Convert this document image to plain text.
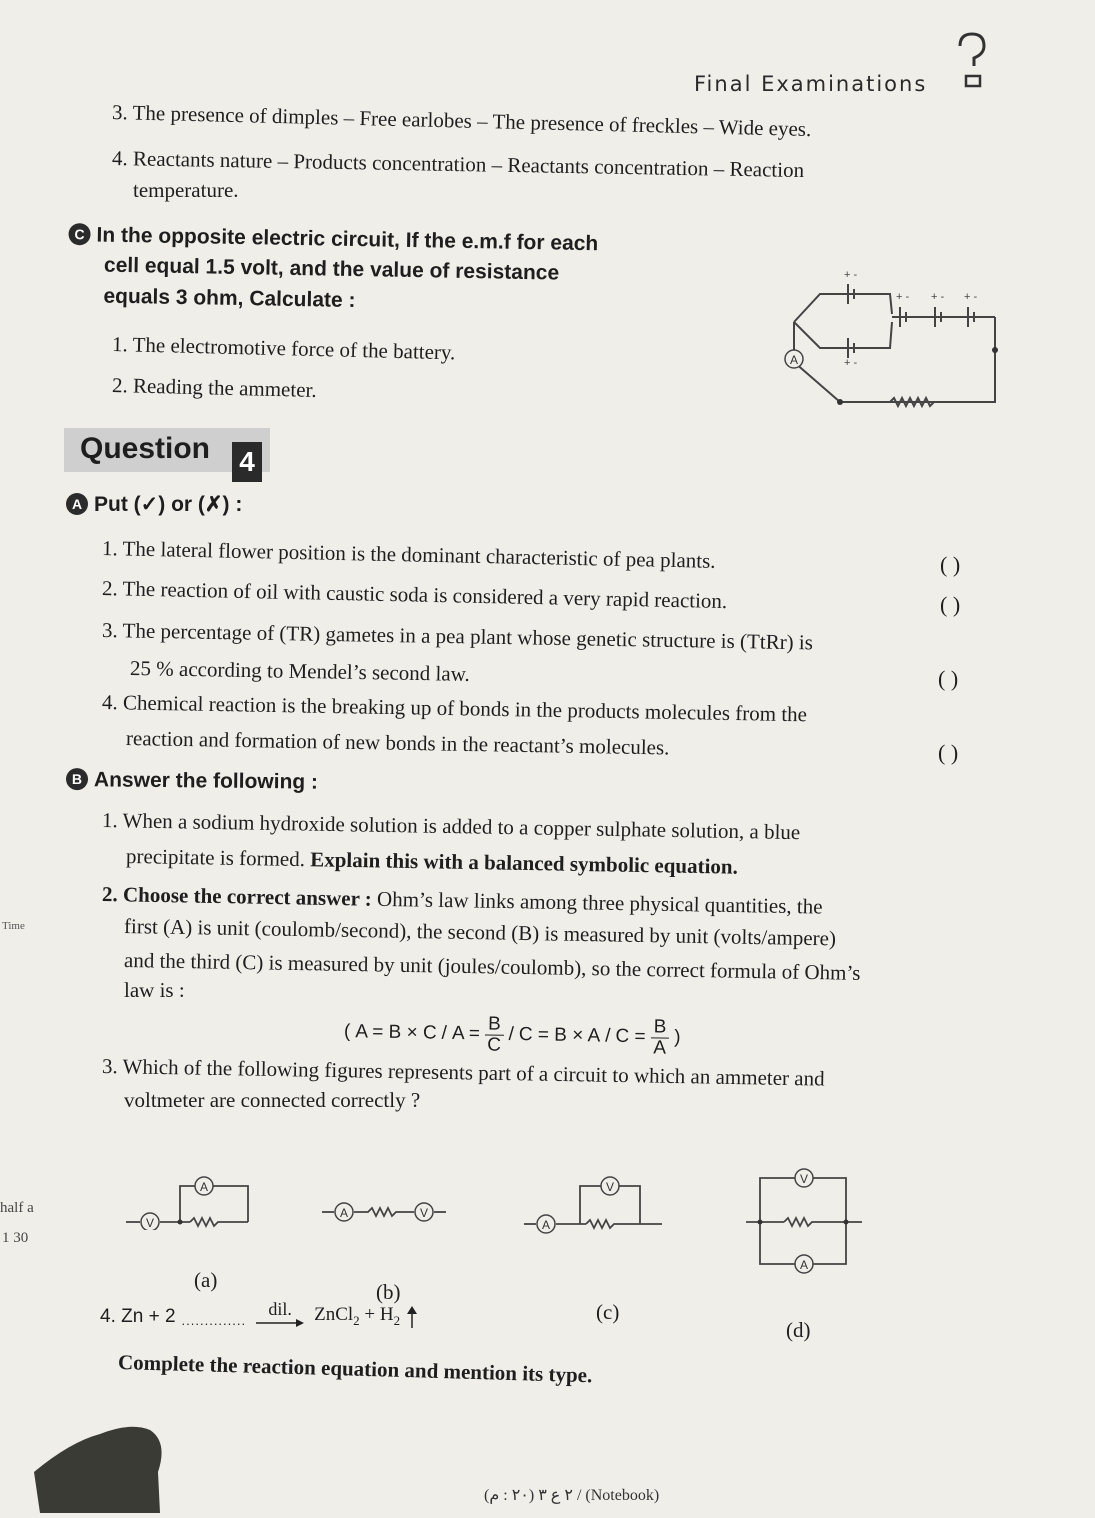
Final Examinations
3. The presence of dimples – Free earlobes – The presence of freckles – Wide eyes.
4. Reactants nature – Products concentration – Reactants concentration – Reaction
temperature.
C In the opposite electric circuit, If the e.m.f for each
cell equal 1.5 volt, and the value of resistance
equals 3 ohm, Calculate :
1. The electromotive force of the battery.
2. Reading the ammeter.
A
+ -
+ -
+ - + - + -
Question 4
A Put (✓) or (✗) :
1. The lateral flower position is the dominant characteristic of pea plants.	( )
2. The reaction of oil with caustic soda is considered a very rapid reaction.	( )
3. The percentage of (TR) gametes in a pea plant whose genetic structure is (TtRr) is
25 % according to Mendel’s second law.	( )
4. Chemical reaction is the breaking up of bonds in the products molecules from the
reaction and formation of new bonds in the reactant’s molecules.	( )
B Answer the following :
1. When a sodium hydroxide solution is added to a copper sulphate solution, a blue
precipitate is formed. Explain this with a balanced symbolic equation.
2. Choose the correct answer : Ohm’s law links among three physical quantities, the
first (A) is unit (coulomb/second), the second (B) is measured by unit (volts/ampere)
and the third (C) is measured by unit (joules/coulomb), so the correct formula of Ohm’s
law is :
( $A = B \times C / A = \frac{B}{C} / C = B \times A / C = \frac{B}{A}$ )
3. Which of the following figures represents part of a circuit to which an ammeter and
voltmeter are connected correctly ?
A
V
(a)
A	V
(b)
V
A
(c)
V
A
(d)
4. Zn + 2 ..............
dil. ZnCl$_2$ + $H_2$
Complete the reaction equation and mention its type.
Time
half a
1 30
(٢٠ : م) ٢ ع ٣ / (Notebook)
